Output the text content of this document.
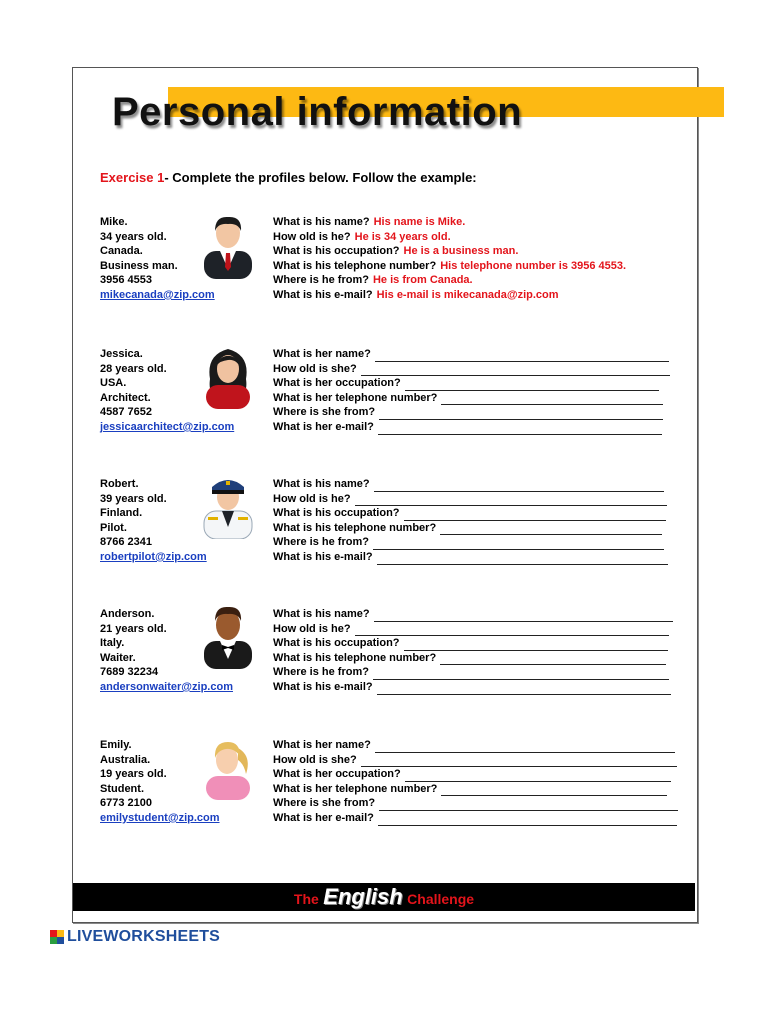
Personal information
Exercise 1- Complete the profiles below. Follow the example:
Mike.
34 years old.
Canada.
Business man.
3956 4553
mikecanada@zip.com
What is his name? His name is Mike.
How old is he? He is 34 years old.
What is his occupation? He is a business man.
What is his telephone number? His telephone number is 3956 4553.
Where is he from? He is from Canada.
What is his e-mail? His e-mail is mikecanada@zip.com
Jessica.
28 years old.
USA.
Architect.
4587 7652
jessicaarchitect@zip.com
What is her name?
How old is she?
What is her occupation?
What is her telephone number?
Where is she from?
What is her e-mail?
Robert.
39 years old.
Finland.
Pilot.
8766 2341
robertpilot@zip.com
What is his name?
How old is he?
What is his occupation?
What is his telephone number?
Where is he from?
What is his e-mail?
Anderson.
21 years old.
Italy.
Waiter.
7689 32234
andersonwaiter@zip.com
What is his name?
How old is he?
What is his occupation?
What is his telephone number?
Where is he from?
What is his e-mail?
Emily.
Australia.
19 years old.
Student.
6773 2100
emilystudent@zip.com
What is her name?
How old is she?
What is her occupation?
What is her telephone number?
Where is she from?
What is her e-mail?
The English Challenge
LIVEWORKSHEETS
